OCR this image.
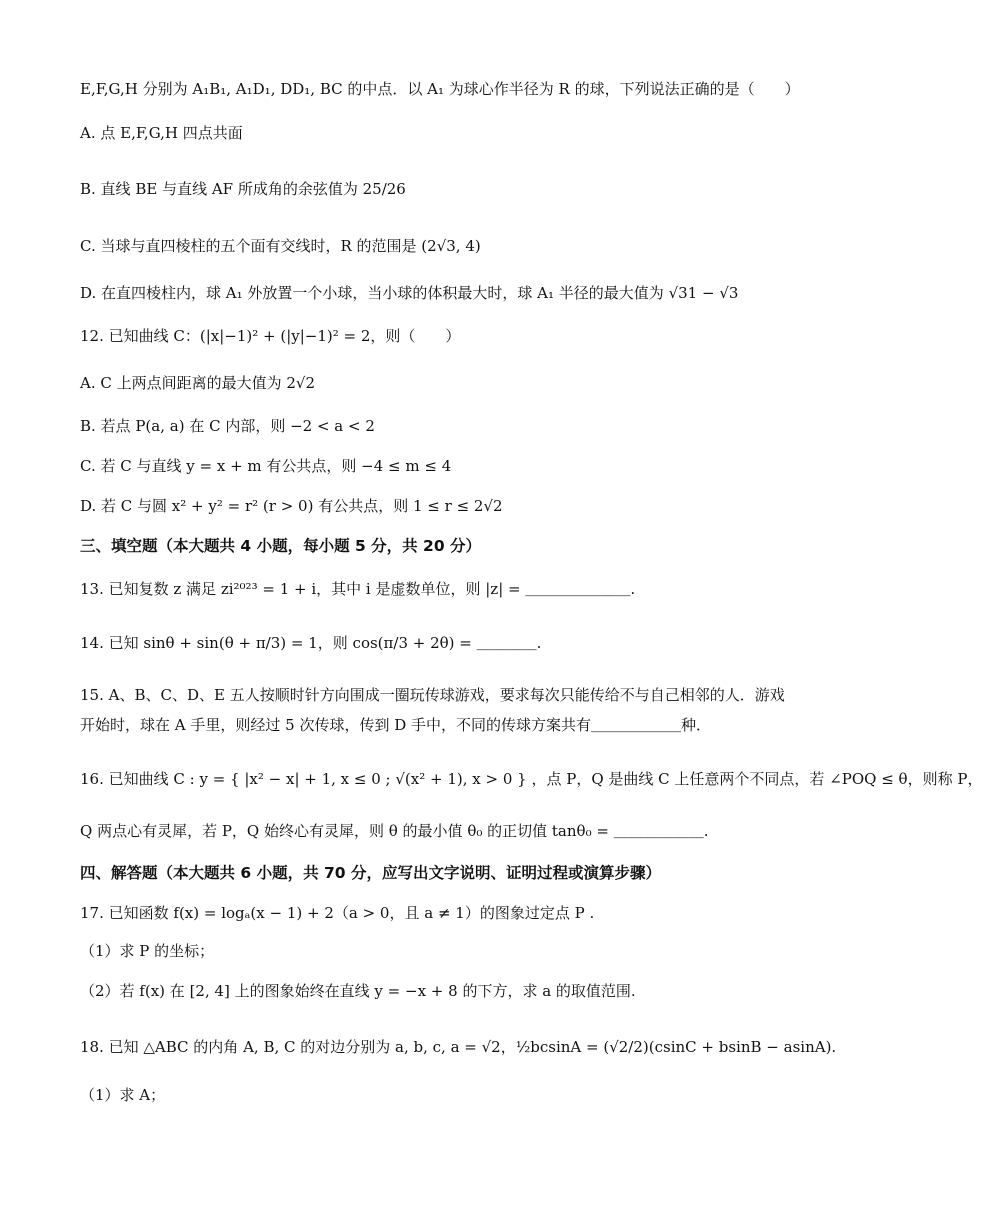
E,F,G,H 分别为 A₁B₁, A₁D₁, DD₁, BC 的中点．以 A₁ 为球心作半径为 R 的球，下列说法正确的是（　　）
A. 点 E,F,G,H 四点共面
B. 直线 BE 与直线 AF 所成角的余弦值为 25/26
C. 当球与直四棱柱的五个面有交线时，R 的范围是 (2√3, 4)
D. 在直四棱柱内，球 A₁ 外放置一个小球，当小球的体积最大时，球 A₁ 半径的最大值为 √31 − √3
12. 已知曲线 C：(|x|−1)² + (|y|−1)² = 2，则（　　）
A. C 上两点间距离的最大值为 2√2
B. 若点 P(a, a) 在 C 内部，则 −2 < a < 2
C. 若 C 与直线 y = x + m 有公共点，则 −4 ≤ m ≤ 4
D. 若 C 与圆 x² + y² = r² (r > 0) 有公共点，则 1 ≤ r ≤ 2√2
三、填空题（本大题共 4 小题，每小题 5 分，共 20 分）
13. 已知复数 z 满足 zi²⁰²³ = 1 + i，其中 i 是虚数单位，则 |z| = ＿＿＿＿＿＿＿.
14. 已知 sinθ + sin(θ + π/3) = 1，则 cos(π/3 + 2θ) = ＿＿＿＿.
15. A、B、C、D、E 五人按顺时针方向围成一圈玩传球游戏，要求每次只能传给不与自己相邻的人．游戏
开始时，球在 A 手里，则经过 5 次传球，传到 D 手中，不同的传球方案共有＿＿＿＿＿＿种．
16. 已知曲线 C : y = { |x² − x| + 1, x ≤ 0 ; √(x² + 1), x > 0 } ，点 P，Q 是曲线 C 上任意两个不同点，若 ∠POQ ≤ θ，则称 P，
Q 两点心有灵犀，若 P，Q 始终心有灵犀，则 θ 的最小值 θ₀ 的正切值 tanθ₀ = ＿＿＿＿＿＿.
四、解答题（本大题共 6 小题，共 70 分，应写出文字说明、证明过程或演算步骤）
17. 已知函数 f(x) = logₐ(x − 1) + 2（a > 0，且 a ≠ 1）的图象过定点 P .
（1）求 P 的坐标；
（2）若 f(x) 在 [2, 4] 上的图象始终在直线 y = −x + 8 的下方，求 a 的取值范围.
18. 已知 △ABC 的内角 A, B, C 的对边分别为 a, b, c, a = √2，½bcsinA = (√2/2)(csinC + bsinB − asinA).
（1）求 A；
